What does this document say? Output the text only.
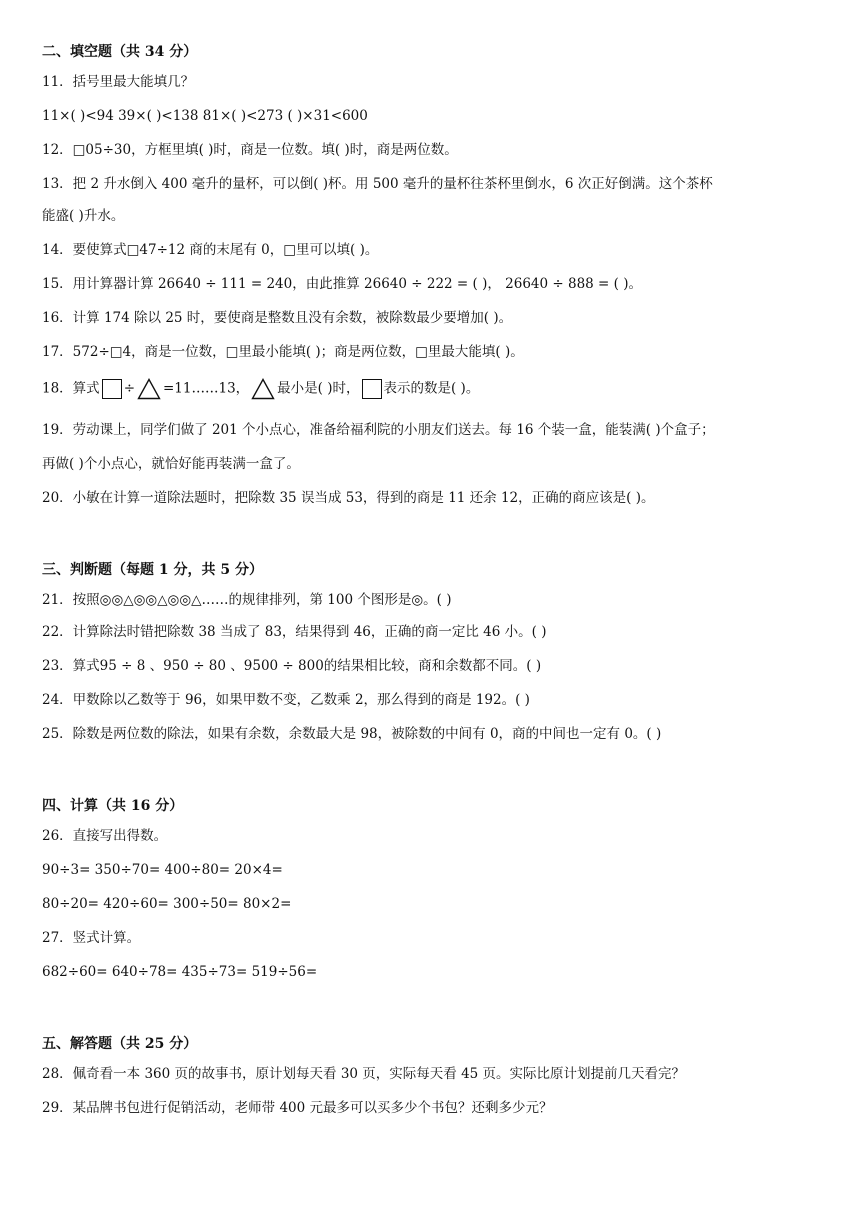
二、填空题（共 34 分）
11．括号里最大能填几？
11×( )<94 39×( )<138 81×( )<273 ( )×31<600
12．□05÷30，方框里填( )时，商是一位数。填( )时，商是两位数。
13．把 2 升水倒入 400 毫升的量杯，可以倒( )杯。用 500 毫升的量杯往茶杯里倒水，6 次正好倒满。这个茶杯
能盛( )升水。
14．要使算式□47÷12 商的末尾有 0，□里可以填( )。
15．用计算器计算 26640 ÷ 111 = 240，由此推算 26640 ÷ 222 = ( )， 26640 ÷ 888 = ( )。
16．计算 174 除以 25 时，要使商是整数且没有余数，被除数最少要增加( )。
17．572÷□4，商是一位数，□里最小能填( )；商是两位数，□里最大能填( )。
18．算式 ÷ =11……13， 最小是( )时， 表示的数是( )。
19．劳动课上，同学们做了 201 个小点心，准备给福利院的小朋友们送去。每 16 个装一盒，能装满( )个盒子；
再做( )个小点心，就恰好能再装满一盒了。
20．小敏在计算一道除法题时，把除数 35 误当成 53，得到的商是 11 还余 12，正确的商应该是( )。
三、判断题（每题 1 分，共 5 分）
21．按照◎◎△◎◎△◎◎△……的规律排列，第 100 个图形是◎。( )
22．计算除法时错把除数 38 当成了 83，结果得到 46，正确的商一定比 46 小。( )
23．算式95 ÷ 8 、950 ÷ 80 、9500 ÷ 800的结果相比较，商和余数都不同。( )
24．甲数除以乙数等于 96，如果甲数不变，乙数乘 2，那么得到的商是 192。( )
25．除数是两位数的除法，如果有余数，余数最大是 98，被除数的中间有 0，商的中间也一定有 0。( )
四、计算（共 16 分）
26．直接写出得数。
90÷3= 350÷70= 400÷80= 20×4=
80÷20= 420÷60= 300÷50= 80×2=
27．竖式计算。
682÷60= 640÷78= 435÷73= 519÷56=
五、解答题（共 25 分）
28．佩奇看一本 360 页的故事书，原计划每天看 30 页，实际每天看 45 页。实际比原计划提前几天看完？
29．某品牌书包进行促销活动，老师带 400 元最多可以买多少个书包？还剩多少元？
